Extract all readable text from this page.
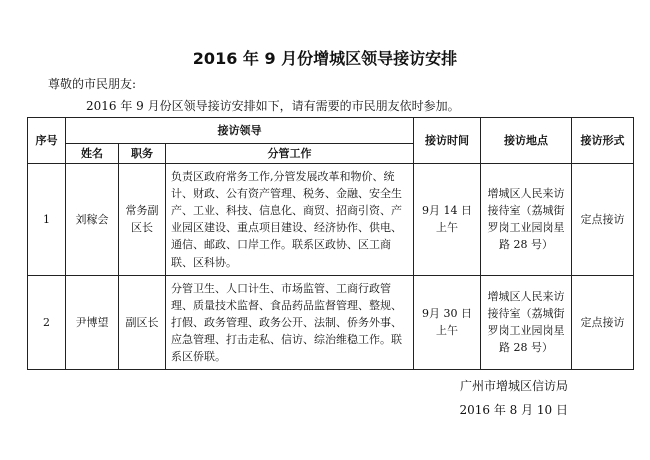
2016 年 9 月份增城区领导接访安排
尊敬的市民朋友:
2016 年 9 月份区领导接访安排如下，请有需要的市民朋友依时参加。
序号	接访领导			接访时间	接访地点	接访形式
	姓名	职务	分管工作			
1	刘稼会	常务副区长	负责区政府常务工作,分管发展改革和物价、统计、财政、公有资产管理、税务、金融、安全生产、工业、科技、信息化、商贸、招商引资、产业园区建设、重点项目建设、经济协作、供电、通信、邮政、口岸工作。联系区政协、区工商联、区科协。	9月 14 日上午	增城区人民来访接待室（荔城街罗岗工业园岗星路 28 号）	定点接访
2	尹博望	副区长	分管卫生、人口计生、市场监管、工商行政管理、质量技术监督、食品药品监督管理、整规、打假、政务管理、政务公开、法制、侨务外事、应急管理、打击走私、信访、综治维稳工作。联系区侨联。	9月 30 日上午	增城区人民来访接待室（荔城街罗岗工业园岗星路 28 号）	定点接访
广州市增城区信访局
2016 年 8 月 10 日
